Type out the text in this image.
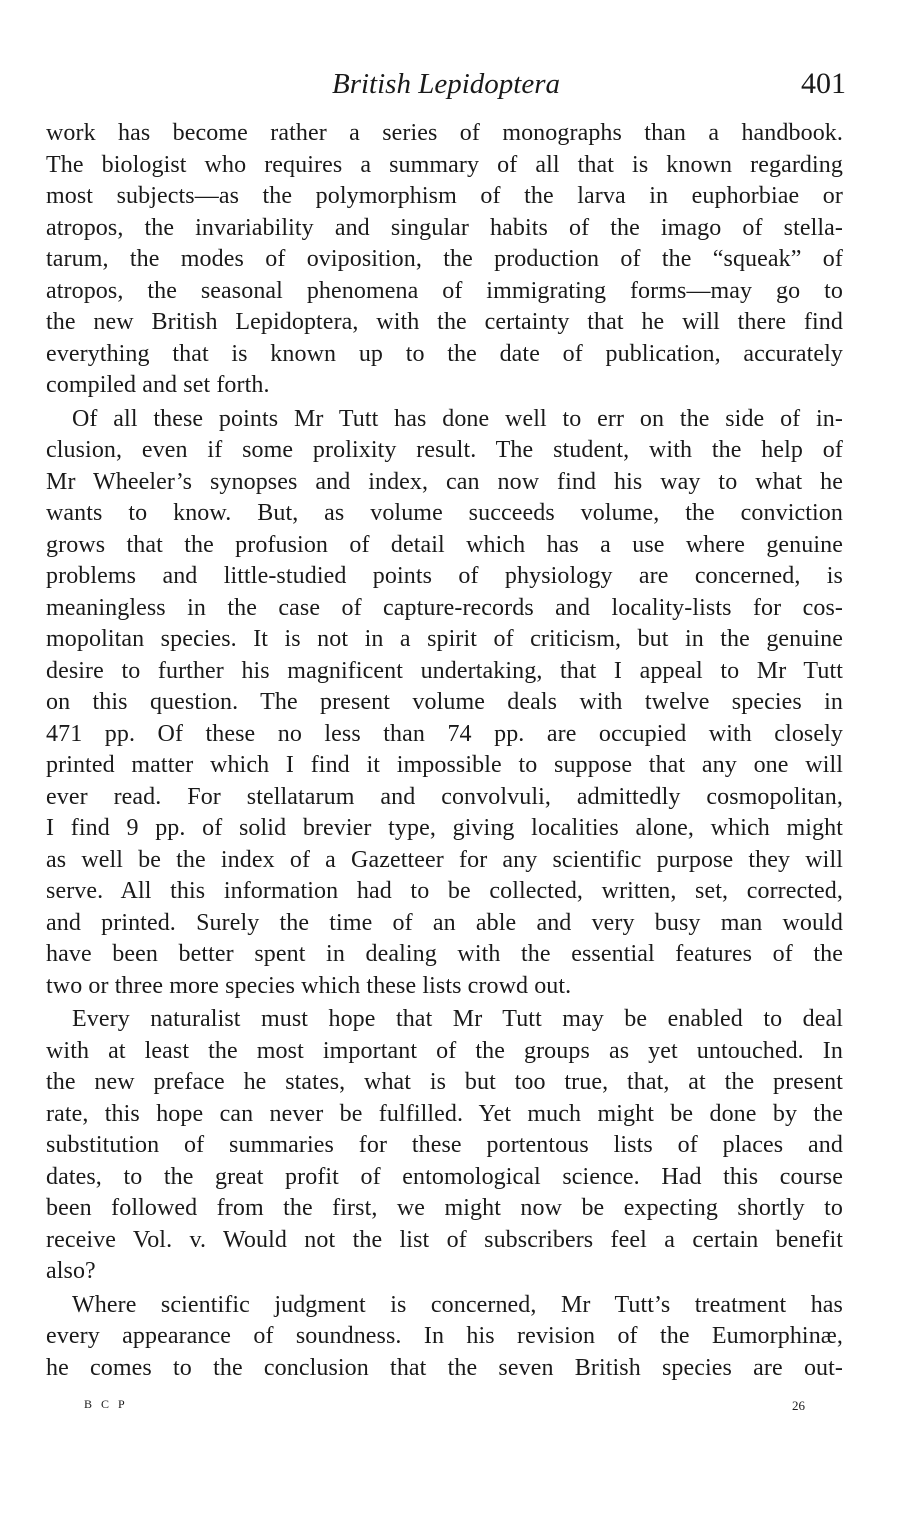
British Lepidoptera	401
work has become rather a series of monographs than a handbook.
The biologist who requires a summary of all that is known regarding
most subjects—as the polymorphism of the larva in euphorbiae or
atropos, the invariability and singular habits of the imago of stella-
tarum, the modes of oviposition, the production of the “squeak” of
atropos, the seasonal phenomena of immigrating forms—may go to
the new British Lepidoptera, with the certainty that he will there find
everything that is known up to the date of publication, accurately
compiled and set forth.
Of all these points Mr Tutt has done well to err on the side of in-
clusion, even if some prolixity result. The student, with the help of
Mr Wheeler’s synopses and index, can now find his way to what he
wants to know. But, as volume succeeds volume, the conviction
grows that the profusion of detail which has a use where genuine
problems and little-studied points of physiology are concerned, is
meaningless in the case of capture-records and locality-lists for cos-
mopolitan species. It is not in a spirit of criticism, but in the genuine
desire to further his magnificent undertaking, that I appeal to Mr Tutt
on this question. The present volume deals with twelve species in
471 pp. Of these no less than 74 pp. are occupied with closely
printed matter which I find it impossible to suppose that any one will
ever read. For stellatarum and convolvuli, admittedly cosmopolitan,
I find 9 pp. of solid brevier type, giving localities alone, which might
as well be the index of a Gazetteer for any scientific purpose they will
serve. All this information had to be collected, written, set, corrected,
and printed. Surely the time of an able and very busy man would
have been better spent in dealing with the essential features of the
two or three more species which these lists crowd out.
Every naturalist must hope that Mr Tutt may be enabled to deal
with at least the most important of the groups as yet untouched. In
the new preface he states, what is but too true, that, at the present
rate, this hope can never be fulfilled. Yet much might be done by the
substitution of summaries for these portentous lists of places and
dates, to the great profit of entomological science. Had this course
been followed from the first, we might now be expecting shortly to
receive Vol. v. Would not the list of subscribers feel a certain benefit
also?
Where scientific judgment is concerned, Mr Tutt’s treatment has
every appearance of soundness. In his revision of the Eumorphinæ,
he comes to the conclusion that the seven British species are out-
B C P	26
